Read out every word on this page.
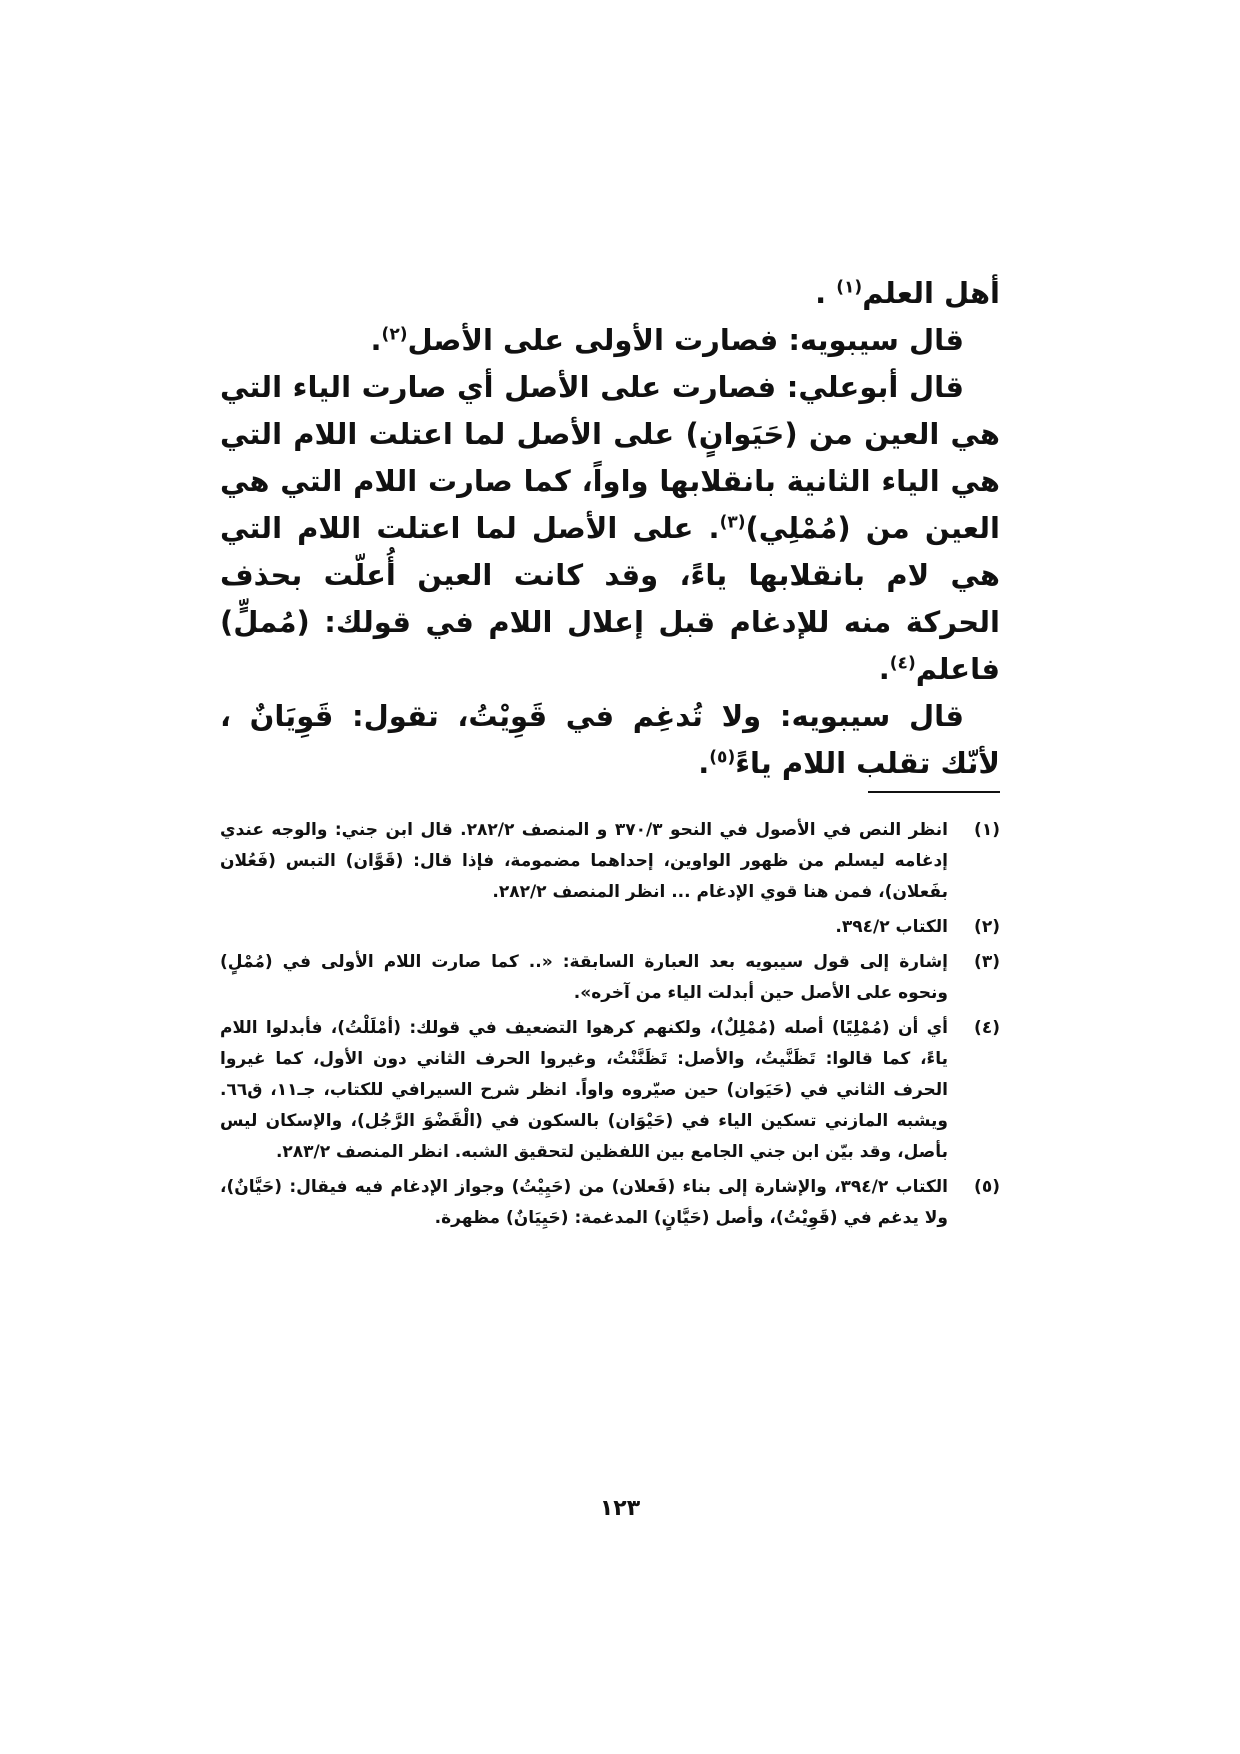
أهل العلم$^{(١)}$ .

قال سيبويه: فصارت الأولى على الأصل$^{(٢)}$.

قال أبوعلي: فصارت على الأصل أي صارت الياء التي هي العين من (حَيَوانٍ) على الأصل لما اعتلت اللام التي هي الياء الثانية بانقلابها واواً، كما صارت اللام التي هي العين من (مُمْلِي)$^{(٣)}$. على الأصل لما اعتلت اللام التي هي لام بانقلابها ياءً، وقد كانت العين أُعلّت بحذف الحركة منه للإدغام قبل إعلال اللام في قولك: (مُملٍّ) فاعلم$^{(٤)}$.

قال سيبويه: ولا تُدغِم في قَوِيْتُ، تقول: قَوِيَانٌ ، لأنّك تقلب اللام ياءً$^{(٥)}$.

(١)
انظر النص في الأصول في النحو ٣٧٠/٣ و المنصف ٢٨٢/٢. قال ابن جني: والوجه عندي إدغامه ليسلم من ظهور الواوين، إحداهما مضمومة، فإذا قال: (قَوَّان) التبس (فَعُلان بفَعلان)، فمن هنا قوي الإدغام ... انظر المنصف ٢٨٢/٢.
(٢)
الكتاب ٣٩٤/٢.
(٣)
إشارة إلى قول سيبويه بعد العبارة السابقة: «.. كما صارت اللام الأولى في (مُمْلٍ) ونحوه على الأصل حين أبدلت الياء من آخره».
(٤)
أي أن (مُمْلِيًا) أصله (مُمْلِلٌ)، ولكنهم كرهوا التضعيف في قولك: (أمْلَلْتُ)، فأبدلوا اللام ياءً، كما قالوا: تَظَنَّيتُ، والأصل: تَظَنَّنْتُ، وغيروا الحرف الثاني دون الأول، كما غيروا الحرف الثاني في (حَيَوان) حين صيّروه واواً. انظر شرح السيرافي للكتاب، جـ١١، ق٦٦. ويشبه المازني تسكين الياء في (حَيْوَان) بالسكون في (الْقَضْوَ الرَّجُل)، والإسكان ليس بأصل، وقد بيّن ابن جني الجامع بين اللفظين لتحقيق الشبه. انظر المنصف ٢٨٣/٢.
(٥)
الكتاب ٣٩٤/٢، والإشارة إلى بناء (فَعلان) من (حَيِيْتُ) وجواز الإدغام فيه فيقال: (حَيَّانٌ)، ولا يدغم في (قَوِيْتُ)، وأصل (حَيَّانٍ) المدغمة: (حَيِيَانٌ) مظهرة.
١٢٣
